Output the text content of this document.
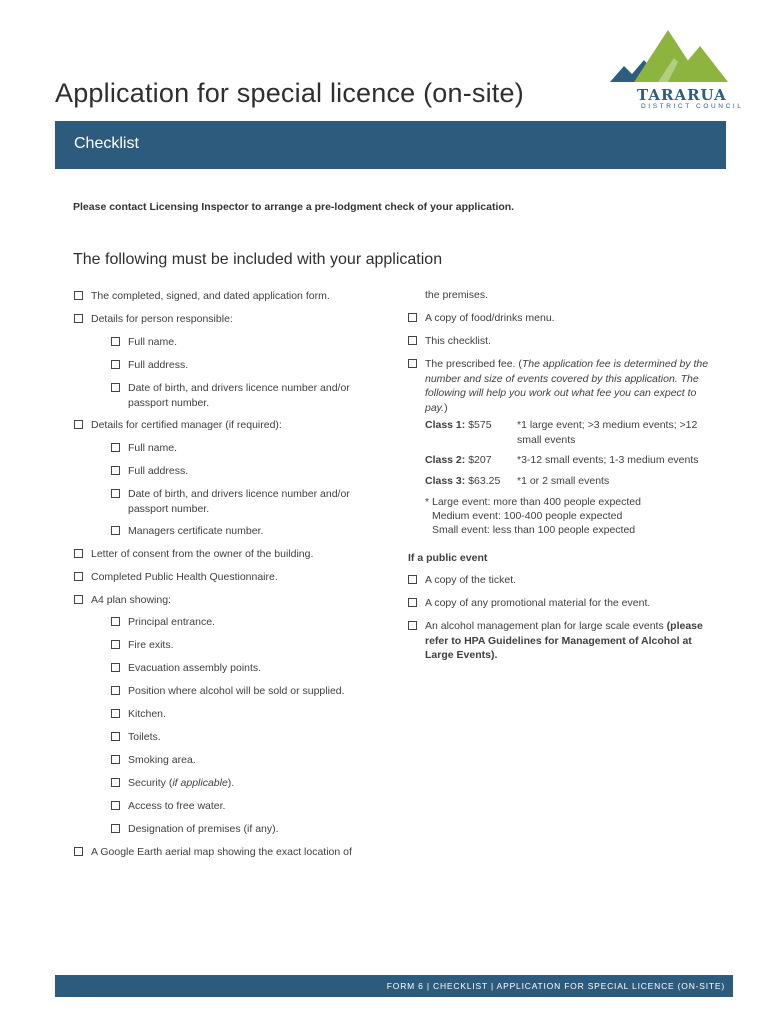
Application for special licence (on-site)	TARARUA
DISTRICT COUNCIL
Checklist
Please contact Licensing Inspector to arrange a pre-lodgment check of your application.
The following must be included with your application
The completed, signed, and dated application form.
Details for person responsible:
Full name.
Full address.
Date of birth, and drivers licence number and/or passport number.
Details for certified manager (if required):
Full name.
Full address.
Date of birth, and drivers licence number and/or passport number.
Managers certificate number.
Letter of consent from the owner of the building.
Completed Public Health Questionnaire.
A4 plan showing:
Principal entrance.
Fire exits.
Evacuation assembly points.
Position where alcohol will be sold or supplied.
Kitchen.
Toilets.
Smoking area.
Security (if applicable).
Access to free water.
Designation of premises (if any).
A Google Earth aerial map showing the exact location of
the premises.
A copy of food/drinks menu.
This checklist.
The prescribed fee. (The application fee is determined by the number and size of events covered by this application. The following will help you work out what fee you can expect to pay.)
Class 1: $575	*1 large event; >3 medium events; >12 small events
Class 2: $207	*3-12 small events; 1-3 medium events
Class 3: $63.25	*1 or 2 small events
* Large event: more than 400 people expected
Medium event: 100-400 people expected
Small event: less than 100 people expected
If a public event
A copy of the ticket.
A copy of any promotional material for the event.
An alcohol management plan for large scale events (please refer to HPA Guidelines for Management of Alcohol at Large Events).
FORM 6 | CHECKLIST | APPLICATION FOR SPECIAL LICENCE (ON-SITE)
